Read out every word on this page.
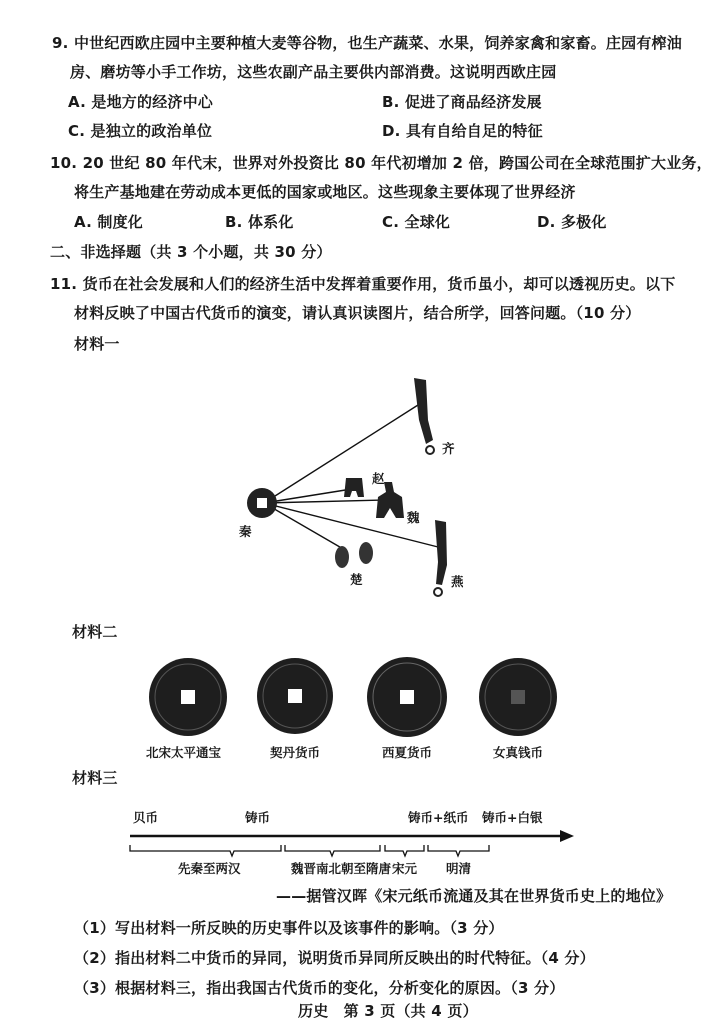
9. 中世纪西欧庄园中主要种植大麦等谷物，也生产蔬菜、水果，饲养家禽和家畜。庄园有榨油
房、磨坊等小手工作坊，这些农副产品主要供内部消费。这说明西欧庄园
A. 是地方的经济中心	B. 促进了商品经济发展
C. 是独立的政治单位	D. 具有自给自足的特征
10. 20 世纪 80 年代末，世界对外投资比 80 年代初增加 2 倍，跨国公司在全球范围扩大业务，
将生产基地建在劳动成本更低的国家或地区。这些现象主要体现了世界经济
A. 制度化	B. 体系化	C. 全球化	D. 多极化
二、非选择题（共 3 个小题，共 30 分）
11. 货币在社会发展和人们的经济生活中发挥着重要作用，货币虽小，却可以透视历史。以下
材料反映了中国古代货币的演变，请认真识读图片，结合所学，回答问题。（10 分）
材料一
赵
齐
魏
秦
楚	燕
材料二
北宋太平通宝	契丹货币	西夏货币	女真钱币
材料三
贝币	铸币	铸币+纸币 铸币+白银
先秦至两汉	魏晋南北朝至隋唐 宋元 明清
——据管汉晖《宋元纸币流通及其在世界货币史上的地位》
（1）写出材料一所反映的历史事件以及该事件的影响。（3 分）
（2）指出材料二中货币的异同，说明货币异同所反映出的时代特征。（4 分）
（3）根据材料三，指出我国古代货币的变化，分析变化的原因。（3 分）
历史　第 3 页（共 4 页）
